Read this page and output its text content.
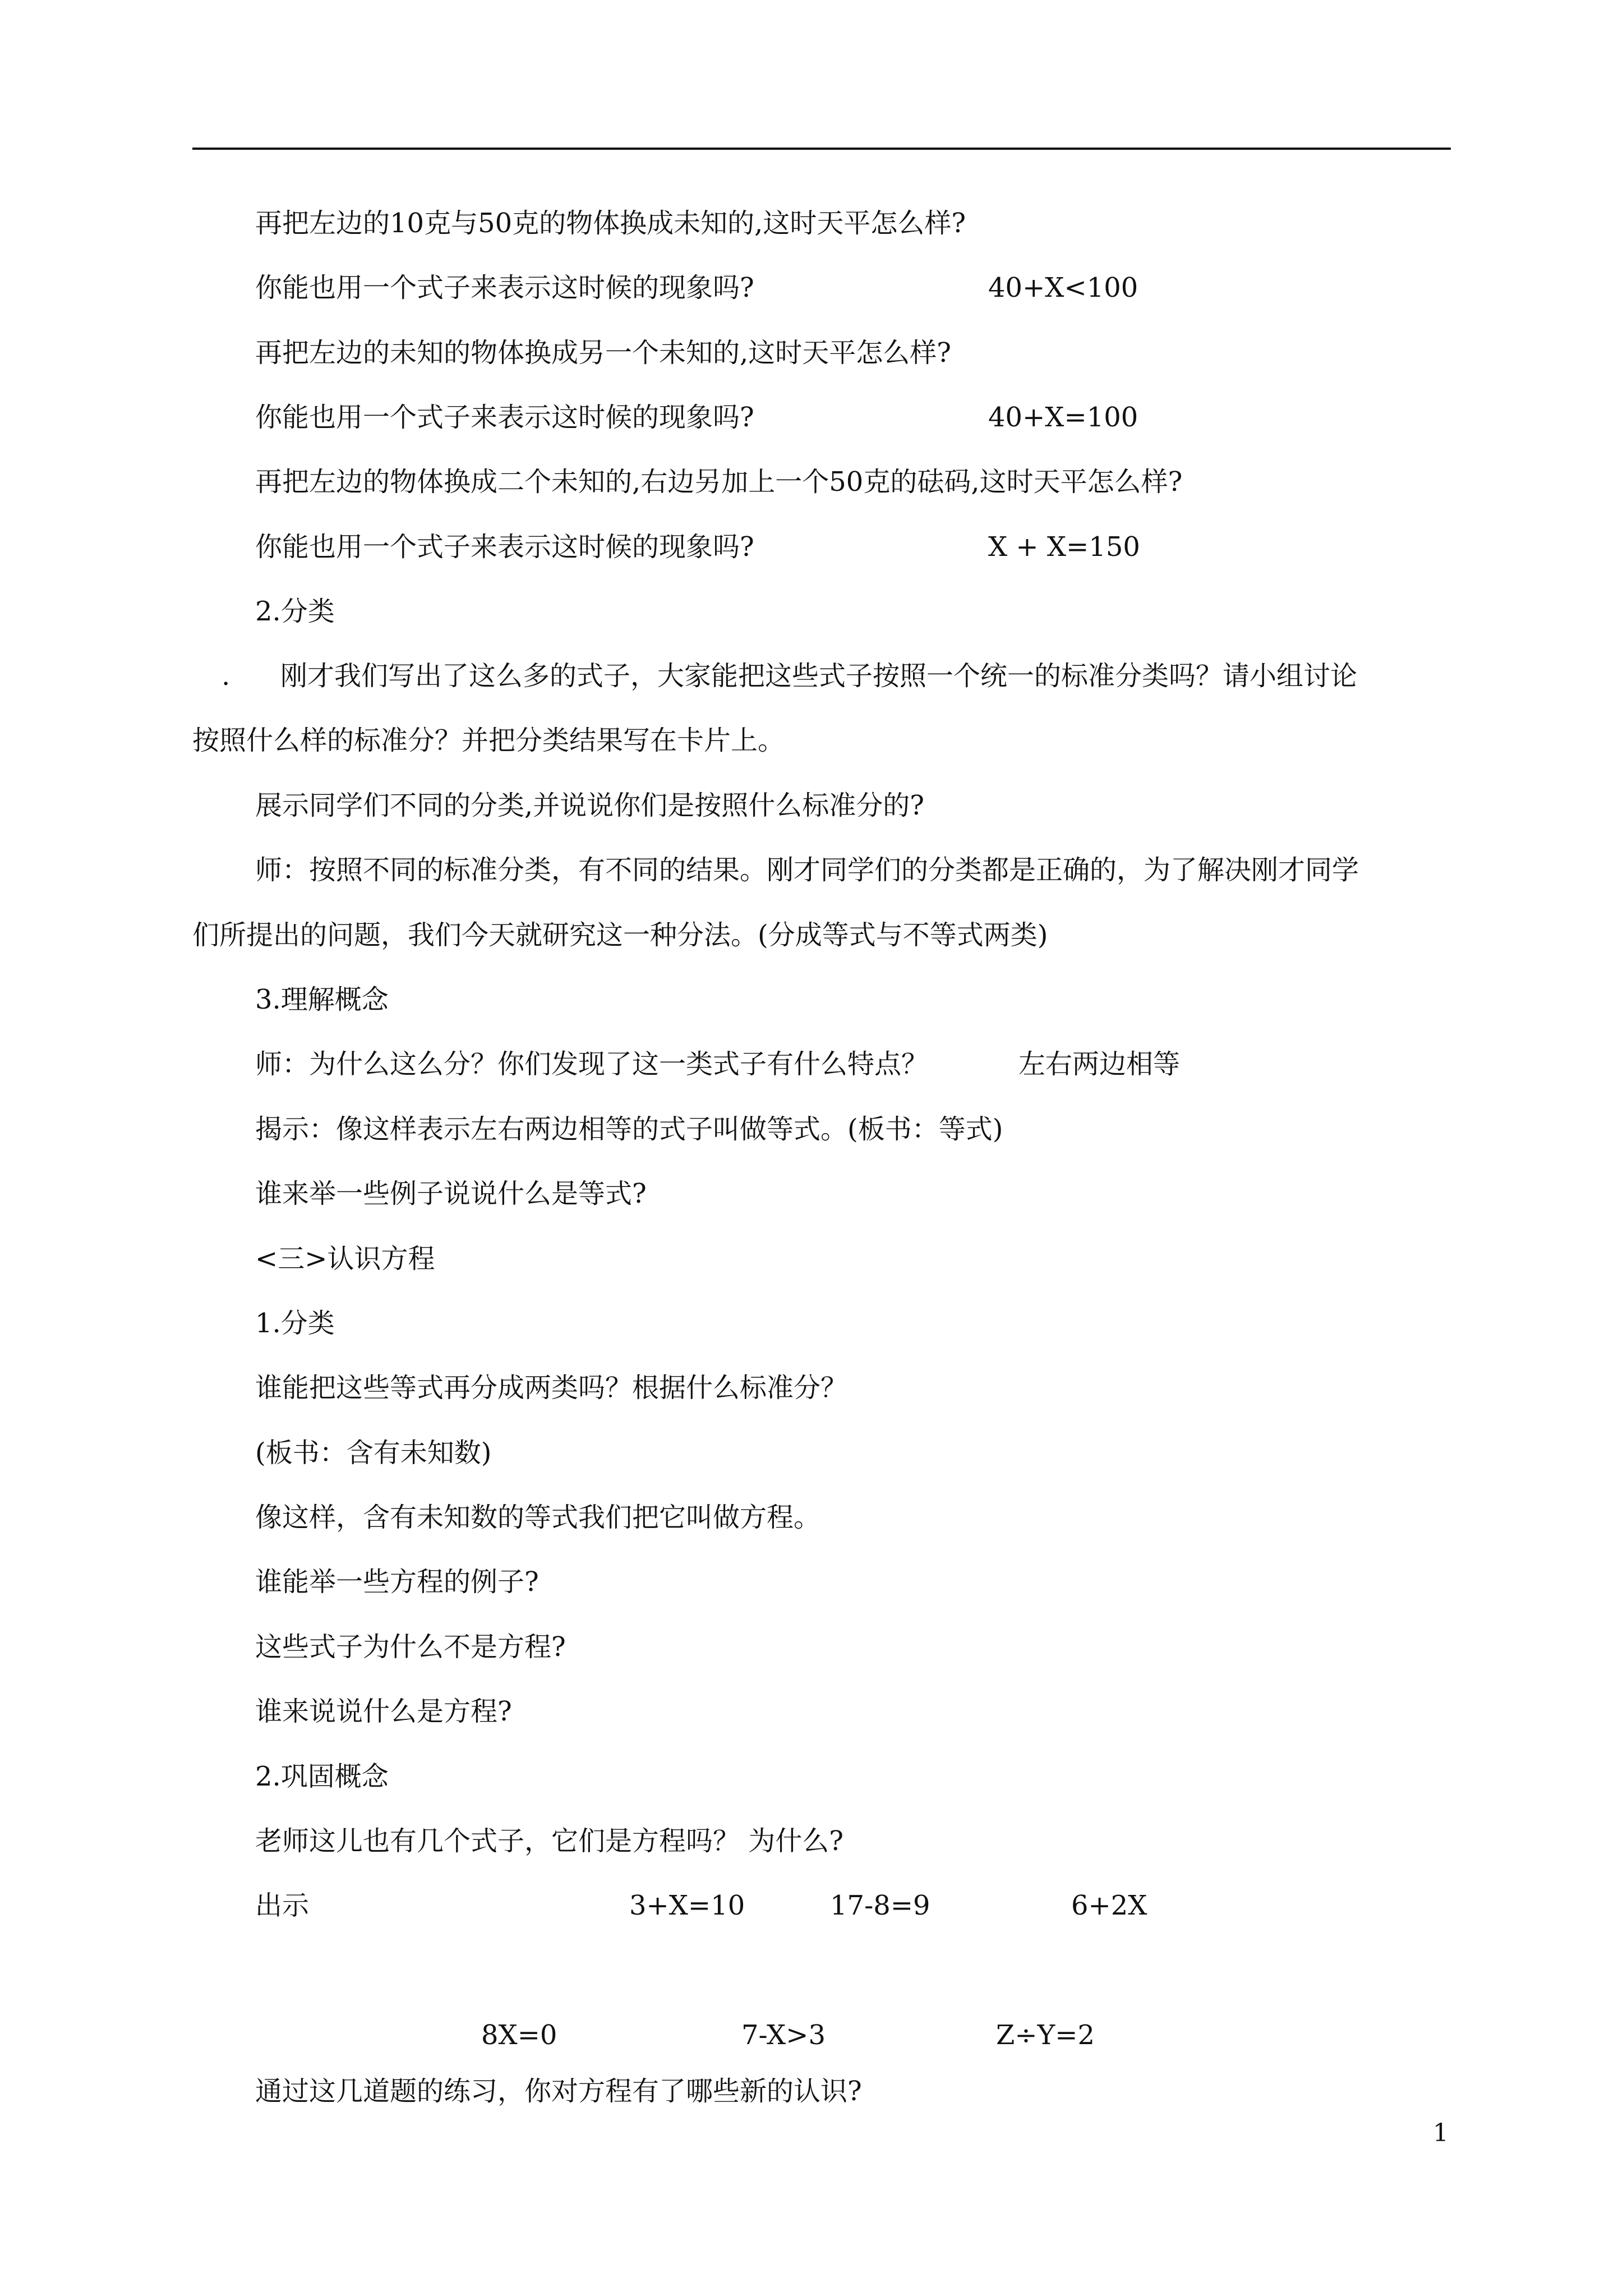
再把左边的10克与50克的物体换成未知的,这时天平怎么样?
你能也用一个式子来表示这时候的现象吗?	40+X<100
再把左边的未知的物体换成另一个未知的,这时天平怎么样?
你能也用一个式子来表示这时候的现象吗?	40+X=100
再把左边的物体换成二个未知的,右边另加上一个50克的砝码,这时天平怎么样?
你能也用一个式子来表示这时候的现象吗?	X + X=150
2.分类
. 刚才我们写出了这么多的式子，大家能把这些式子按照一个统一的标准分类吗？请小组讨论
按照什么样的标准分？并把分类结果写在卡片上。
展示同学们不同的分类,并说说你们是按照什么标准分的?
师：按照不同的标准分类，有不同的结果。刚才同学们的分类都是正确的，为了解决刚才同学
们所提出的问题，我们今天就研究这一种分法。(分成等式与不等式两类)
3.理解概念
师：为什么这么分？你们发现了这一类式子有什么特点？	左右两边相等
揭示：像这样表示左右两边相等的式子叫做等式。(板书：等式)
谁来举一些例子说说什么是等式?
<三>认识方程
1.分类
谁能把这些等式再分成两类吗？根据什么标准分？
(板书：含有未知数)
像这样，含有未知数的等式我们把它叫做方程。
谁能举一些方程的例子?
这些式子为什么不是方程?
谁来说说什么是方程?
2.巩固概念
老师这儿也有几个式子，它们是方程吗？ 为什么?
出示	3+X=10	17-8=9	6+2X
8X=0	7-X>3	Z÷Y=2
通过这几道题的练习，你对方程有了哪些新的认识?
1
